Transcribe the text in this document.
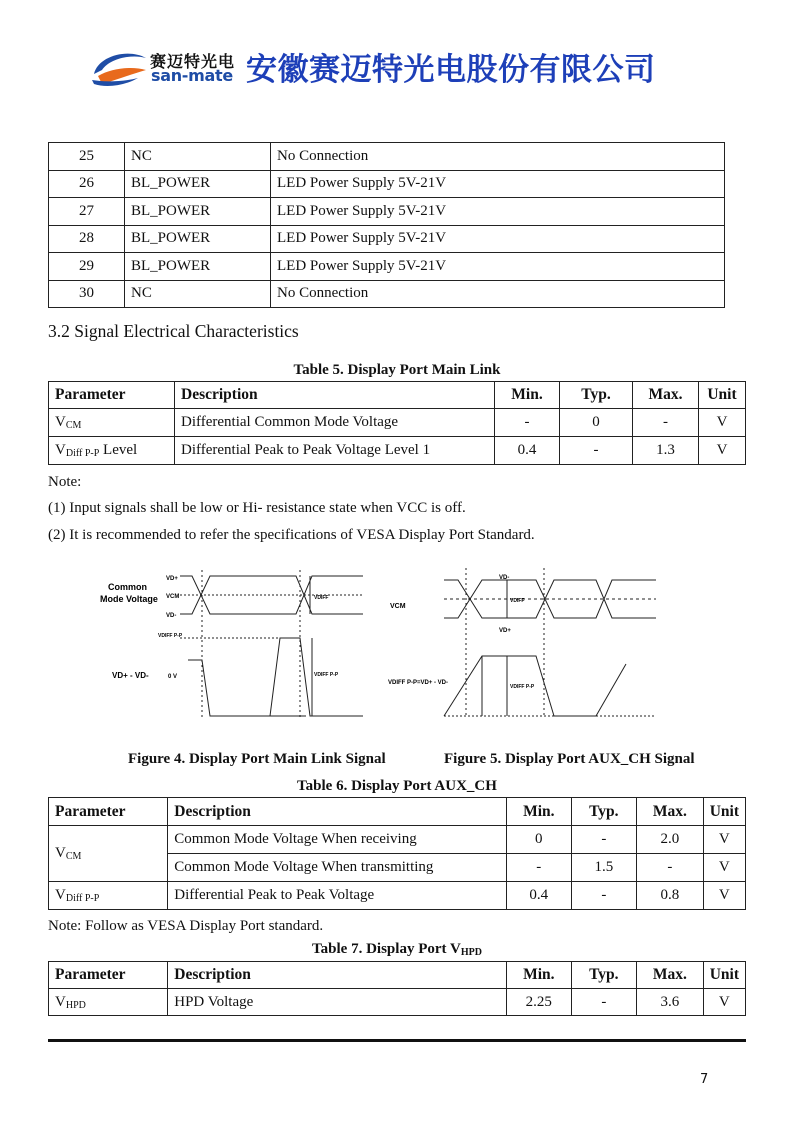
赛迈特光电
san-mate 安徽赛迈特光电股份有限公司
25	NC	No Connection
26	BL_POWER	LED Power Supply 5V-21V
27	BL_POWER	LED Power Supply 5V-21V
28	BL_POWER	LED Power Supply 5V-21V
29	BL_POWER	LED Power Supply 5V-21V
30	NC	No Connection
3.2 Signal Electrical Characteristics
Table 5. Display Port Main Link
Parameter	Description	Min.	Typ.	Max.	Unit
$V_{CM}$	Differential Common Mode Voltage	-	0	-	V
$V_{Diff P-P}$ Level	Differential Peak to Peak Voltage Level 1	0.4	-	1.3	V
Note:
(1) Input signals shall be low or Hi- resistance state when VCC is off.
(2) It is recommended to refer the specifications of VESA Display Port Standard.
Common
Mode Voltage
VD+
VCM
VD-
VDIFF
VDIFF P-P
VDIFF P-P
VD+ - VD-	0 V
VD-
VD+
VCM
VDIFF
VDIFF P-P=VD+ - VD-
VDIFF P-P
Figure 4. Display Port Main Link Signal	Figure 5. Display Port AUX_CH Signal
Table 6. Display Port AUX_CH
Parameter	Description	Min.	Typ.	Max.	Unit
$V_{CM}$	Common Mode Voltage When receiving	0	-	2.0	V
	Common Mode Voltage When transmitting	-	1.5	-	V
$V_{Diff P-P}$	Differential Peak to Peak Voltage	0.4	-	0.8	V
Note: Follow as VESA Display Port standard.
Table 7. Display Port $V_{HPD}$
Parameter	Description	Min.	Typ.	Max.	Unit
$V_{HPD}$	HPD Voltage	2.25	-	3.6	V
7
